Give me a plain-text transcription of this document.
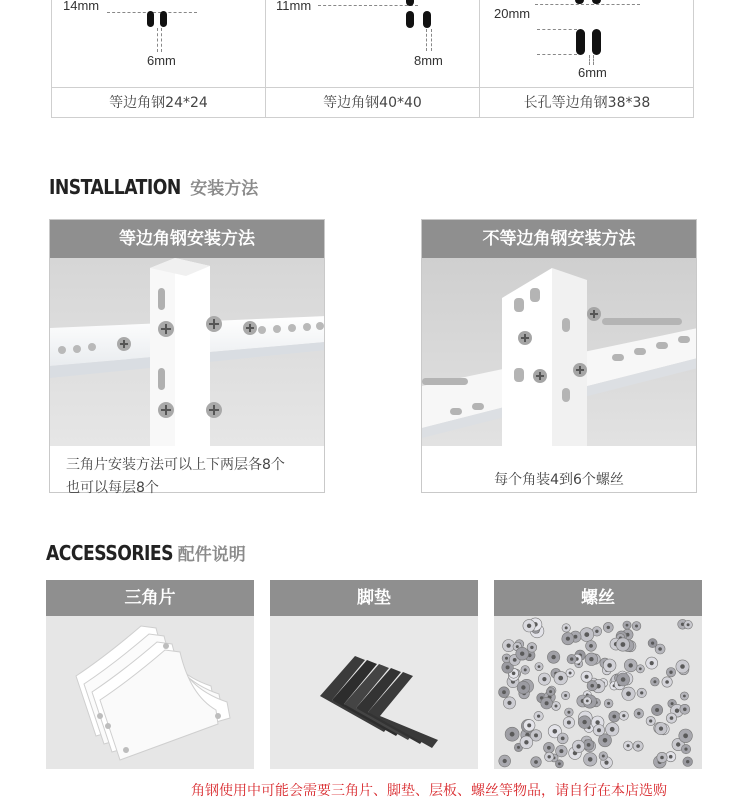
14mm
6mm
等边角钢24*24
11mm
8mm
等边角钢40*40
20mm
6mm
长孔等边角钢38*38
INSTALLATION 安装方法
等边角钢安装方法
三角片安装方法可以上下两层各8个
也可以每层8个
不等边角钢安装方法
每个角装4到6个螺丝
ACCESSORIES 配件说明
三角片	脚垫	螺丝
角钢使用中可能会需要三角片、脚垫、层板、螺丝等物品，请自行在本店选购
